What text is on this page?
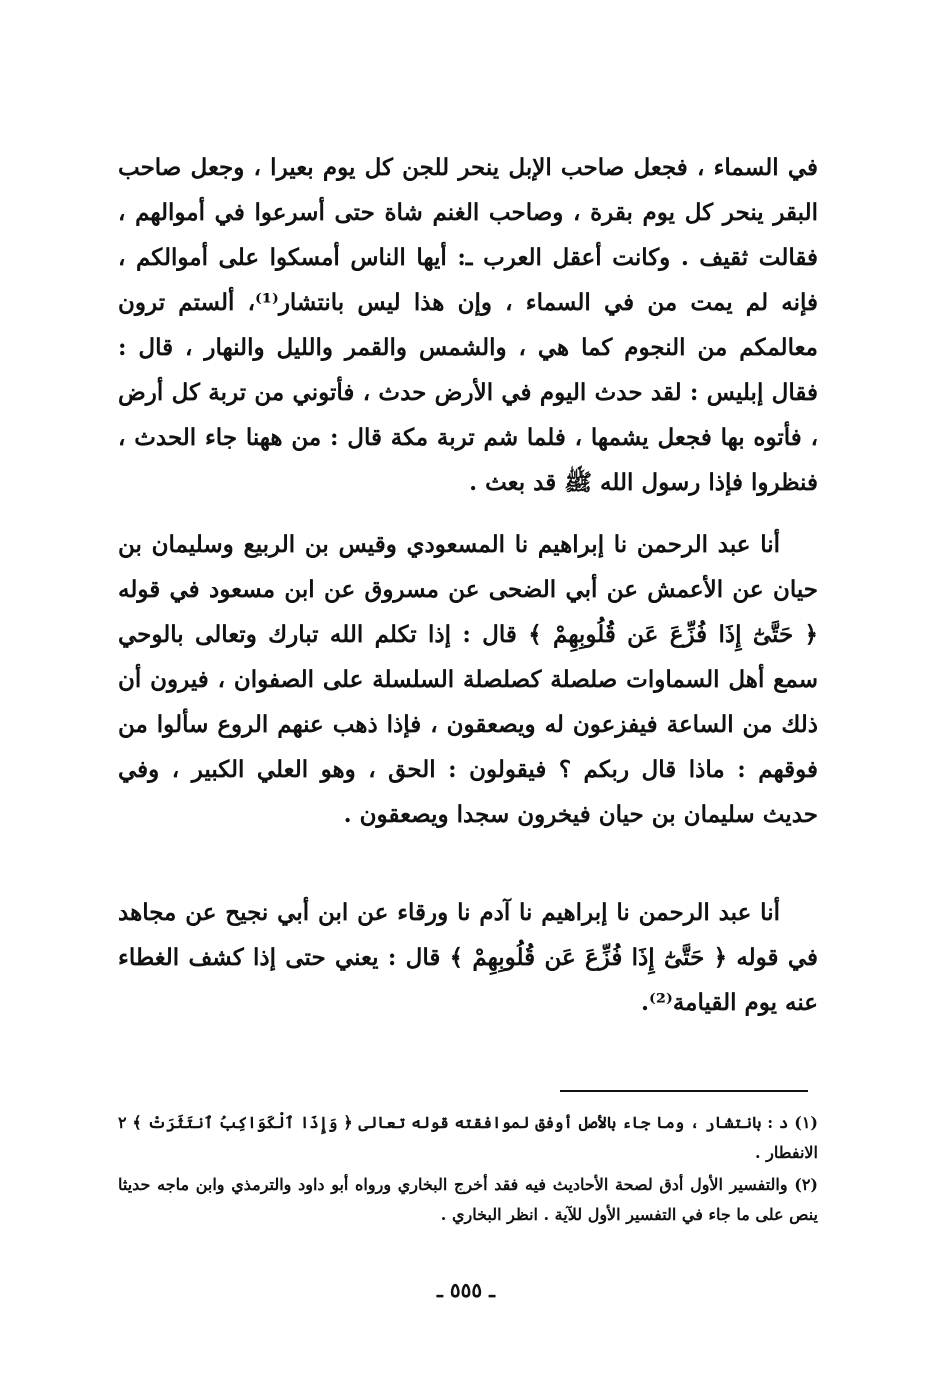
في السماء ، فجعل صاحب الإبل ينحر للجن كل يوم بعيرا ، وجعل صاحب البقر ينحر كل يوم بقرة ، وصاحب الغنم شاة حتى أسرعوا في أموالهم ، فقالت ثقيف . وكانت أعقل العرب ـ: أيها الناس أمسكوا على أموالكم ، فإنه لم يمت من في السماء ، وإن هذا ليس بانتشار⁽¹⁾، ألستم ترون معالمكم من النجوم كما هي ، والشمس والقمر والليل والنهار ، قال : فقال إبليس : لقد حدث اليوم في الأرض حدث ، فأتوني من تربة كل أرض ، فأتوه بها فجعل يشمها ، فلما شم تربة مكة قال : من ههنا جاء الحدث ، فنظروا فإذا رسول الله ﷺ قد بعث .

أنا عبد الرحمن نا إبراهيم نا المسعودي وقيس بن الربيع وسليمان بن حيان عن الأعمش عن أبي الضحى عن مسروق عن ابن مسعود في قوله ﴿ حَتَّىٰٓ إِذَا فُزِّعَ عَن قُلُوبِهِمْ ﴾ قال : إذا تكلم الله تبارك وتعالى بالوحي سمع أهل السماوات صلصلة كصلصلة السلسلة على الصفوان ، فيرون أن ذلك من الساعة فيفزعون له ويصعقون ، فإذا ذهب عنهم الروع سألوا من فوقهم : ماذا قال ربكم ؟ فيقولون : الحق ، وهو العلي الكبير ، وفي حديث سليمان بن حيان فيخرون سجدا ويصعقون .

أنا عبد الرحمن نا إبراهيم نا آدم نا ورقاء عن ابن أبي نجيح عن مجاهد في قوله ﴿ حَتَّىٰٓ إِذَا فُزِّعَ عَن قُلُوبِهِمْ ﴾ قال : يعني حتى إذا كشف الغطاء عنه يوم القيامة⁽²⁾.

(١) د : بانتشار ، وما جاء بالأصل أوفق لموافقته قوله تعالى ﴿ وَإِذَا ٱلْكَوَاكِبُ ٱنتَثَرَتْ ﴾ ٢ الانفطار .

(٢) والتفسير الأول أدق لصحة الأحاديث فيه فقد أخرج البخاري ورواه أبو داود والترمذي وابن ماجه حديثا ينص على ما جاء في التفسير الأول للآية . انظر البخاري .

ـ ٥٥٥ ـ
